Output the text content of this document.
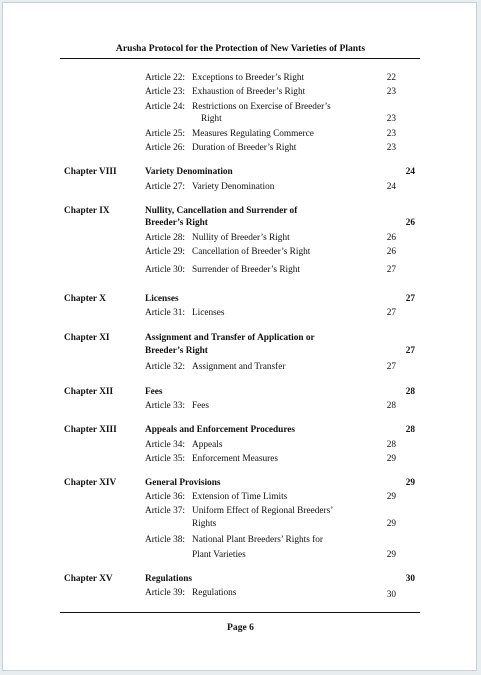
Arusha Protocol for the Protection of New Varieties of Plants
Article 22: Exceptions to Breeder’s Right	22
Article 23: Exhaustion of Breeder’s Right	23
Article 24: Restrictions on Exercise of Breeder’s
Right	23
Article 25: Measures Regulating Commerce	23
Article 26: Duration of Breeder’s Right	23
Chapter VIII	Variety Denomination	24
Article 27: Variety Denomination	24
Chapter IX	Nullity, Cancellation and Surrender of
Breeder’s Right	26
Article 28: Nullity of Breeder’s Right	26
Article 29: Cancellation of Breeder’s Right	26
Article 30: Surrender of Breeder’s Right	27
Chapter X	Licenses	27
Article 31: Licenses	27
Chapter XI	Assignment and Transfer of Application or
Breeder’s Right	27
Article 32: Assignment and Transfer	27
Chapter XII	Fees	28
Article 33: Fees	28
Chapter XIII	Appeals and Enforcement Procedures	28
Article 34: Appeals	28
Article 35: Enforcement Measures	29
Chapter XIV	General Provisions	29
Article 36: Extension of Time Limits	29
Article 37: Uniform Effect of Regional Breeders’
Rights	29
Article 38: National Plant Breeders’ Rights for
Plant Varieties	29
Chapter XV	Regulations	30
Article 39: Regulations	30
Page 6
